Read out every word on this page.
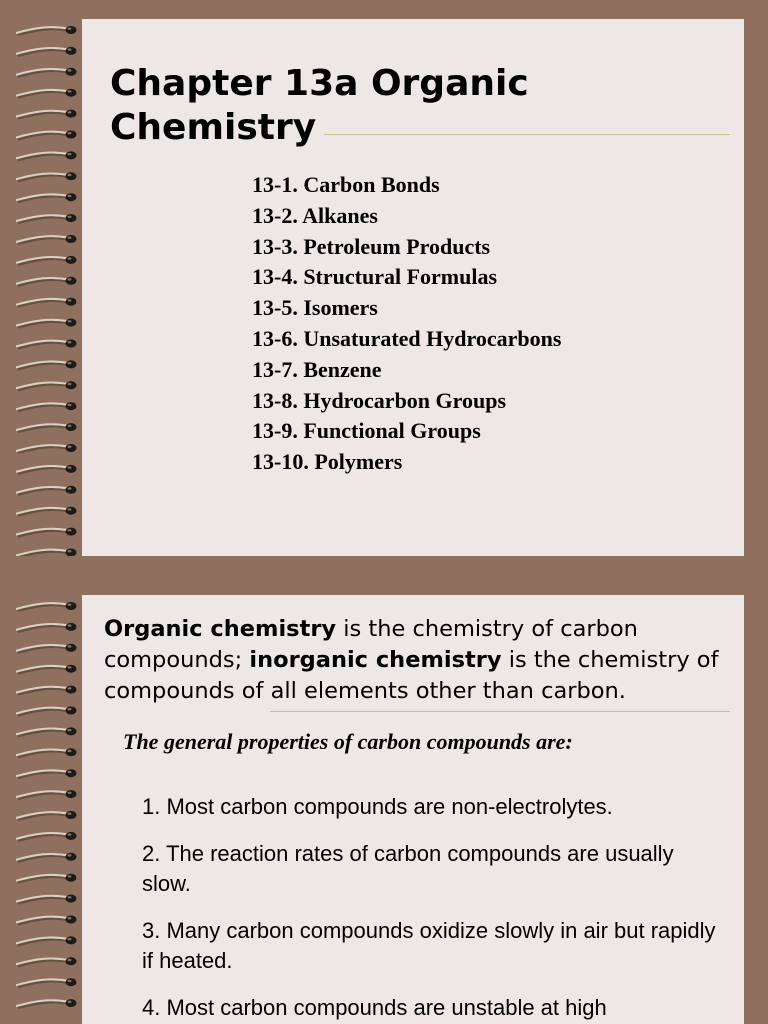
Chapter 13a Organic Chemistry
13-1. Carbon Bonds
13-2. Alkanes
13-3. Petroleum Products
13-4. Structural Formulas
13-5. Isomers
13-6. Unsaturated Hydrocarbons
13-7. Benzene
13-8. Hydrocarbon Groups
13-9. Functional Groups
13-10. Polymers

Organic chemistry is the chemistry of carbon compounds; inorganic chemistry is the chemistry of compounds of all elements other than carbon.

The general properties of carbon compounds are:

1. Most carbon compounds are non-electrolytes.
2. The reaction rates of carbon compounds are usually slow.
3. Many carbon compounds oxidize slowly in air but rapidly if heated.
4. Most carbon compounds are unstable at high
